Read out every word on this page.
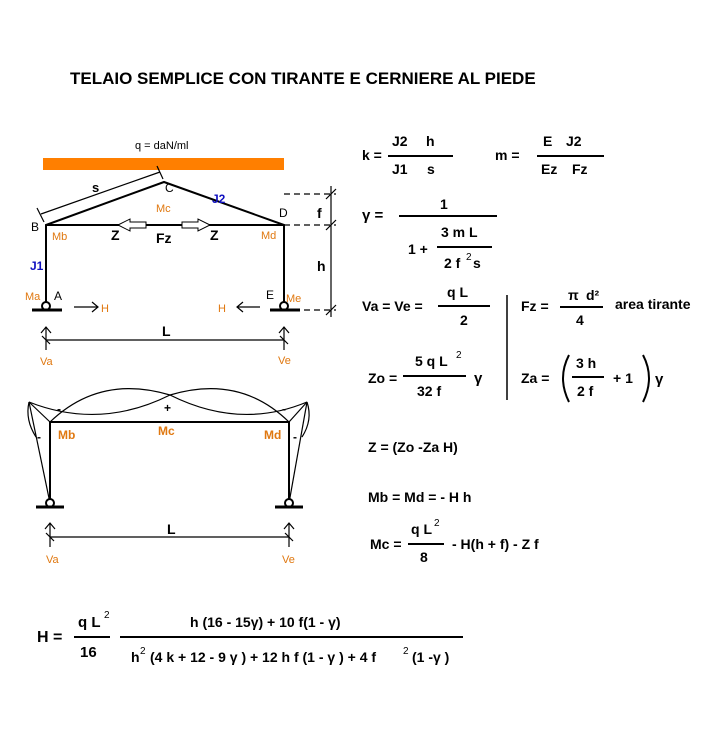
TELAIO SEMPLICE CON TIRANTE E CERNIERE AL PIEDE
q = daN/ml
s	C
Mc
J2
D
B
Mb	Md
Z	Fz	Z
f
h
J1
Ma A	E Me
H	H
L
Va	Ve
-	+	-
-	-
Mb	Mc	Md
L
Va	Ve
k =
J2 h
J1 s
m =
E J2
Ez Fz
γ =
1
1 +
3 m L
2 f 2 s
Va = Ve =
q L
2
Fz =
π d²
4
area tirante
Zo =
5 q L 2
32 f
γ	Za =
3 h
2 f
+ 1 γ
Z = (Zo -Za H)
Mb = Md = - H h
Mc =
q L 2
8
- H(h + f) - Z f
H =
q L 2
16
h (16 - 15γ) + 10 f(1 - γ)
h 2 (4 k + 12 - 9 γ ) + 12 h f (1 - γ ) + 4 f	2 (1 -γ )
